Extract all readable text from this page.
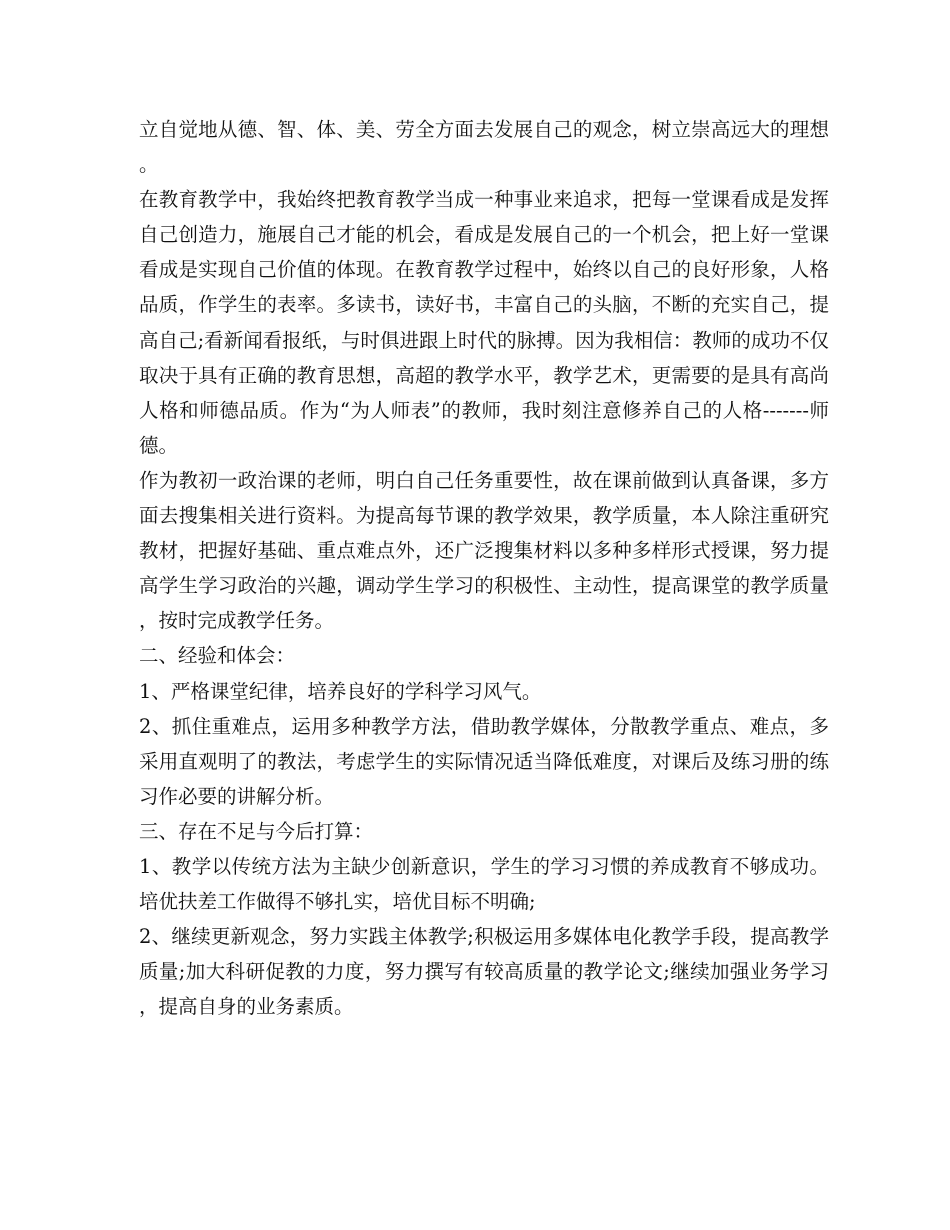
立自觉地从德、智、体、美、劳全方面去发展自己的观念，树立崇高远大的理想。

在教育教学中，我始终把教育教学当成一种事业来追求，把每一堂课看成是发挥自己创造力，施展自己才能的机会，看成是发展自己的一个机会，把上好一堂课看成是实现自己价值的体现。在教育教学过程中，始终以自己的良好形象，人格品质，作学生的表率。多读书，读好书，丰富自己的头脑，不断的充实自己，提高自己;看新闻看报纸，与时俱进跟上时代的脉搏。因为我相信：教师的成功不仅取决于具有正确的教育思想，高超的教学水平，教学艺术，更需要的是具有高尚人格和师德品质。作为“为人师表”的教师，我时刻注意修养自己的人格-------师德。

作为教初一政治课的老师，明白自己任务重要性，故在课前做到认真备课，多方面去搜集相关进行资料。为提高每节课的教学效果，教学质量，本人除注重研究教材，把握好基础、重点难点外，还广泛搜集材料以多种多样形式授课，努力提高学生学习政治的兴趣，调动学生学习的积极性、主动性，提高课堂的教学质量，按时完成教学任务。

二、经验和体会：

1、严格课堂纪律，培养良好的学科学习风气。

2、抓住重难点，运用多种教学方法，借助教学媒体，分散教学重点、难点，多采用直观明了的教法，考虑学生的实际情况适当降低难度，对课后及练习册的练习作必要的讲解分析。

三、存在不足与今后打算：

1、教学以传统方法为主缺少创新意识，学生的学习习惯的养成教育不够成功。培优扶差工作做得不够扎实，培优目标不明确;

2、继续更新观念，努力实践主体教学;积极运用多媒体电化教学手段，提高教学质量;加大科研促教的力度，努力撰写有较高质量的教学论文;继续加强业务学习，提高自身的业务素质。
